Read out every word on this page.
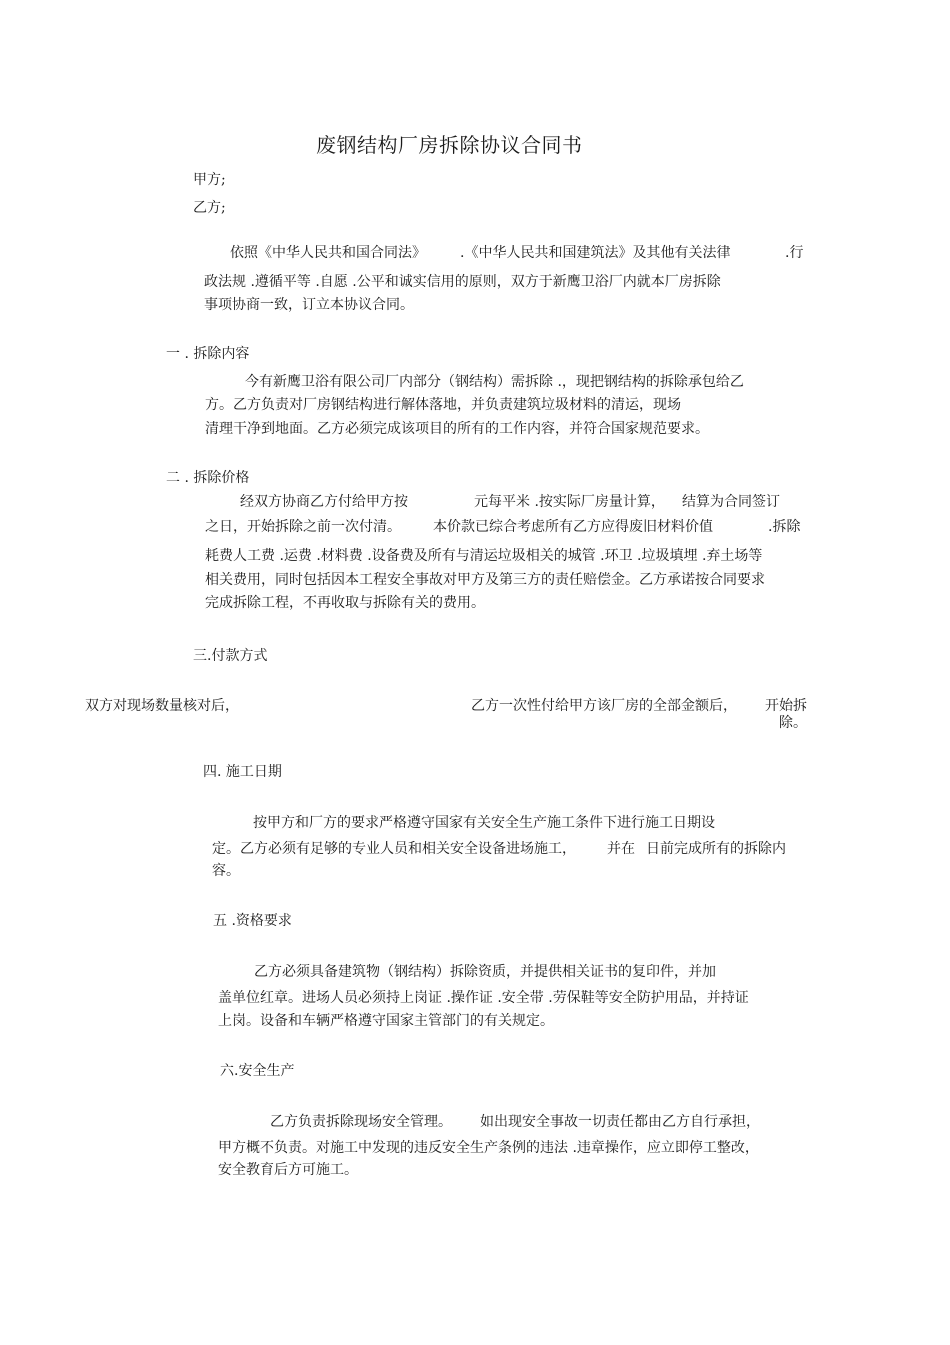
废钢结构厂房拆除协议合同书
甲方;
乙方;
依照《中华人民共和国合同法》 .《中华人民共和国建筑法》及其他有关法律	.行
政法规 .遵循平等 .自愿 .公平和诚实信用的原则，双方于新鹰卫浴厂内就本厂房拆除
事项协商一致，订立本协议合同。
一 . 拆除内容
今有新鹰卫浴有限公司厂内部分（钢结构）需拆除 .，现把钢结构的拆除承包给乙
方。乙方负责对厂房钢结构进行解体落地，并负责建筑垃圾材料的清运，现场
清理干净到地面。乙方必须完成该项目的所有的工作内容，并符合国家规范要求。
二 . 拆除价格
经双方协商乙方付给甲方按	元每平米 .按实际厂房量计算， 结算为合同签订
之日，开始拆除之前一次付清。 本价款已综合考虑所有乙方应得废旧材料价值	.拆除
耗费人工费 .运费 .材料费 .设备费及所有与清运垃圾相关的城管 .环卫 .垃圾填埋 .弃土场等
相关费用，同时包括因本工程安全事故对甲方及第三方的责任赔偿金。乙方承诺按合同要求
完成拆除工程，不再收取与拆除有关的费用。
三.付款方式
双方对现场数量核对后，	乙方一次性付给甲方该厂房的全部金额后， 开始拆
除。
四. 施工日期
按甲方和厂方的要求严格遵守国家有关安全生产施工条件下进行施工日期设
定。乙方必须有足够的专业人员和相关安全设备进场施工， 并在 日前完成所有的拆除内
容。
五 .资格要求
乙方必须具备建筑物（钢结构）拆除资质，并提供相关证书的复印件，并加
盖单位红章。进场人员必须持上岗证 .操作证 .安全带 .劳保鞋等安全防护用品，并持证
上岗。设备和车辆严格遵守国家主管部门的有关规定。
六.安全生产
乙方负责拆除现场安全管理。 如出现安全事故一切责任都由乙方自行承担，
甲方概不负责。对施工中发现的违反安全生产条例的违法 .违章操作，应立即停工整改，
安全教育后方可施工。
